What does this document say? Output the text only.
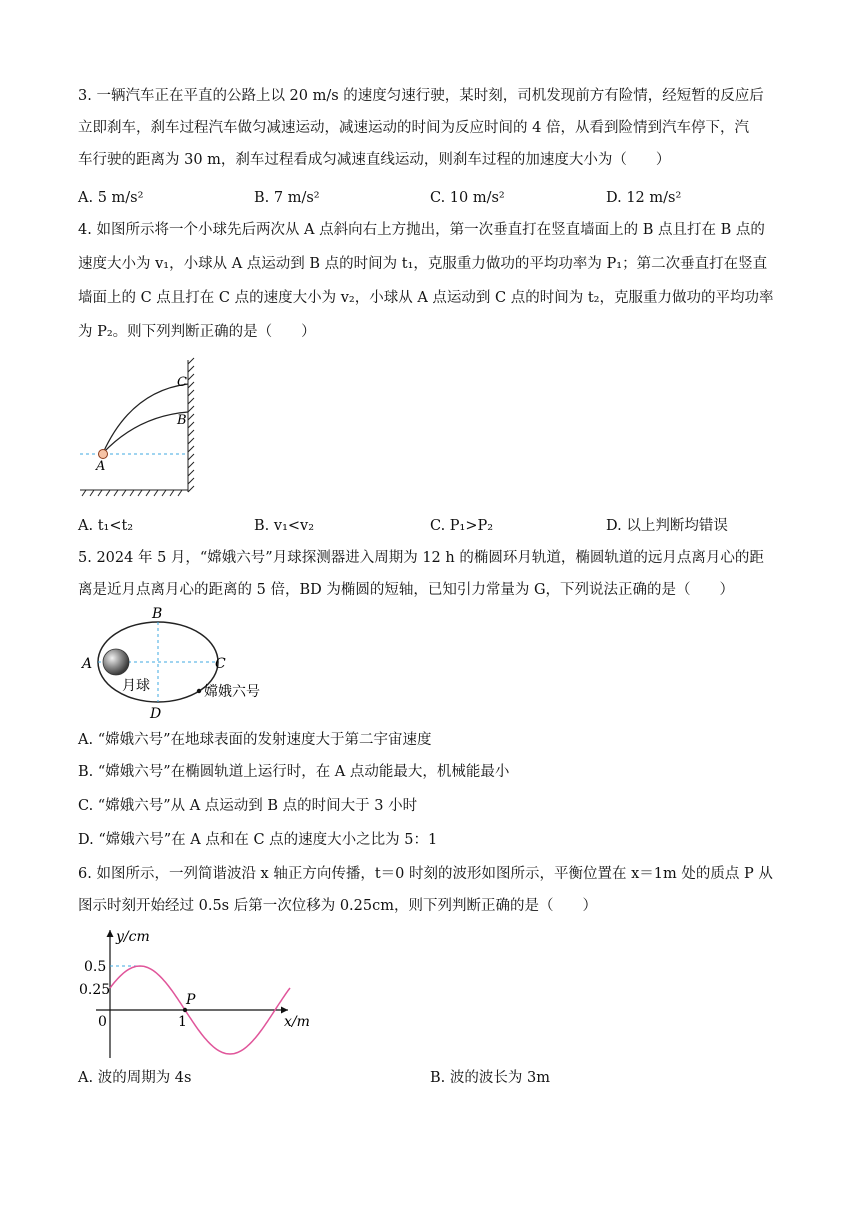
3. 一辆汽车正在平直的公路上以 20 m/s 的速度匀速行驶，某时刻，司机发现前方有险情，经短暂的反应后
立即刹车，刹车过程汽车做匀减速运动，减速运动的时间为反应时间的 4 倍，从看到险情到汽车停下，汽
车行驶的距离为 30 m，刹车过程看成匀减速直线运动，则刹车过程的加速度大小为（　　）
A. 5 m/s²	B. 7 m/s²	C. 10 m/s²	D. 12 m/s²
4. 如图所示将一个小球先后两次从 A 点斜向右上方抛出，第一次垂直打在竖直墙面上的 B 点且打在 B 点的
速度大小为 v₁，小球从 A 点运动到 B 点的时间为 t₁，克服重力做功的平均功率为 P₁；第二次垂直打在竖直
墙面上的 C 点且打在 C 点的速度大小为 v₂，小球从 A 点运动到 C 点的时间为 t₂，克服重力做功的平均功率
为 P₂。则下列判断正确的是（　　）
C
B
A
A. t₁<t₂	B. v₁<v₂	C. P₁>P₂	D. 以上判断均错误
5. 2024 年 5 月，“嫦娥六号”月球探测器进入周期为 12 h 的椭圆环月轨道，椭圆轨道的远月点离月心的距
离是近月点离月心的距离的 5 倍，BD 为椭圆的短轴，已知引力常量为 G，下列说法正确的是（　　）
B
A	C
D
月球	嫦娥六号
A. “嫦娥六号”在地球表面的发射速度大于第二宇宙速度
B. “嫦娥六号”在椭圆轨道上运行时，在 A 点动能最大，机械能最小
C. “嫦娥六号”从 A 点运动到 B 点的时间大于 3 小时
D. “嫦娥六号”在 A 点和在 C 点的速度大小之比为 5：1
6. 如图所示，一列简谐波沿 x 轴正方向传播，t＝0 时刻的波形如图所示，平衡位置在 x＝1m 处的质点 P 从
图示时刻开始经过 0.5s 后第一次位移为 0.25cm，则下列判断正确的是（　　）
y/cm
x/m
0.5
0.25
0	1
P
A. 波的周期为 4s	B. 波的波长为 3m
